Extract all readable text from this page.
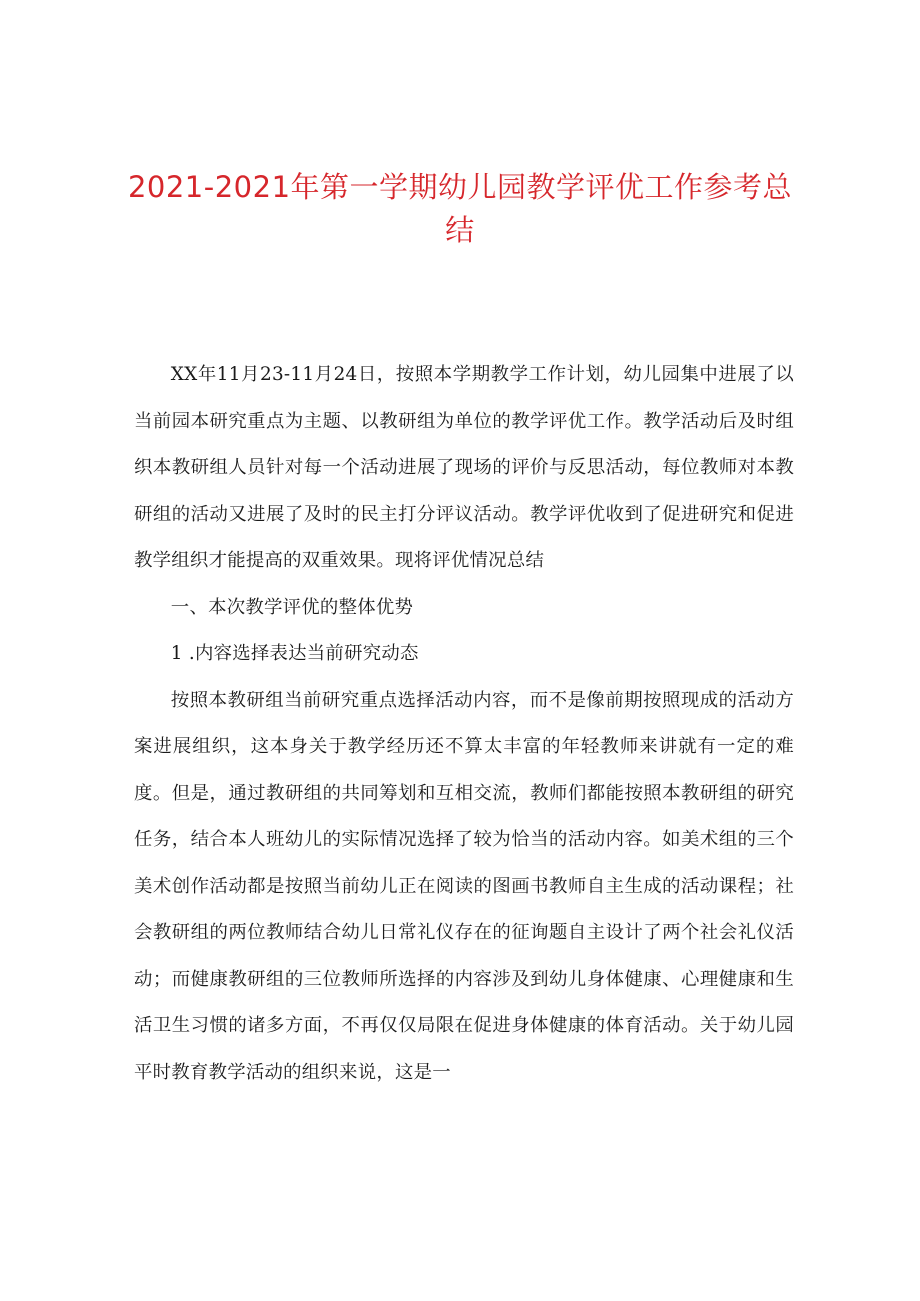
2021-2021年第一学期幼儿园教学评优工作参考总结

XX年11月23-11月24日，按照本学期教学工作计划，幼儿园集中进展了以当前园本研究重点为主题、以教研组为单位的教学评优工作。教学活动后及时组织本教研组人员针对每一个活动进展了现场的评价与反思活动，每位教师对本教研组的活动又进展了及时的民主打分评议活动。教学评优收到了促进研究和促进教学组织才能提高的双重效果。现将评优情况总结

一、本次教学评优的整体优势

1 .内容选择表达当前研究动态

按照本教研组当前研究重点选择活动内容，而不是像前期按照现成的活动方案进展组织，这本身关于教学经历还不算太丰富的年轻教师来讲就有一定的难度。但是，通过教研组的共同筹划和互相交流，教师们都能按照本教研组的研究任务，结合本人班幼儿的实际情况选择了较为恰当的活动内容。如美术组的三个美术创作活动都是按照当前幼儿正在阅读的图画书教师自主生成的活动课程；社会教研组的两位教师结合幼儿日常礼仪存在的征询题自主设计了两个社会礼仪活动；而健康教研组的三位教师所选择的内容涉及到幼儿身体健康、心理健康和生活卫生习惯的诸多方面，不再仅仅局限在促进身体健康的体育活动。关于幼儿园平时教育教学活动的组织来说，这是一
